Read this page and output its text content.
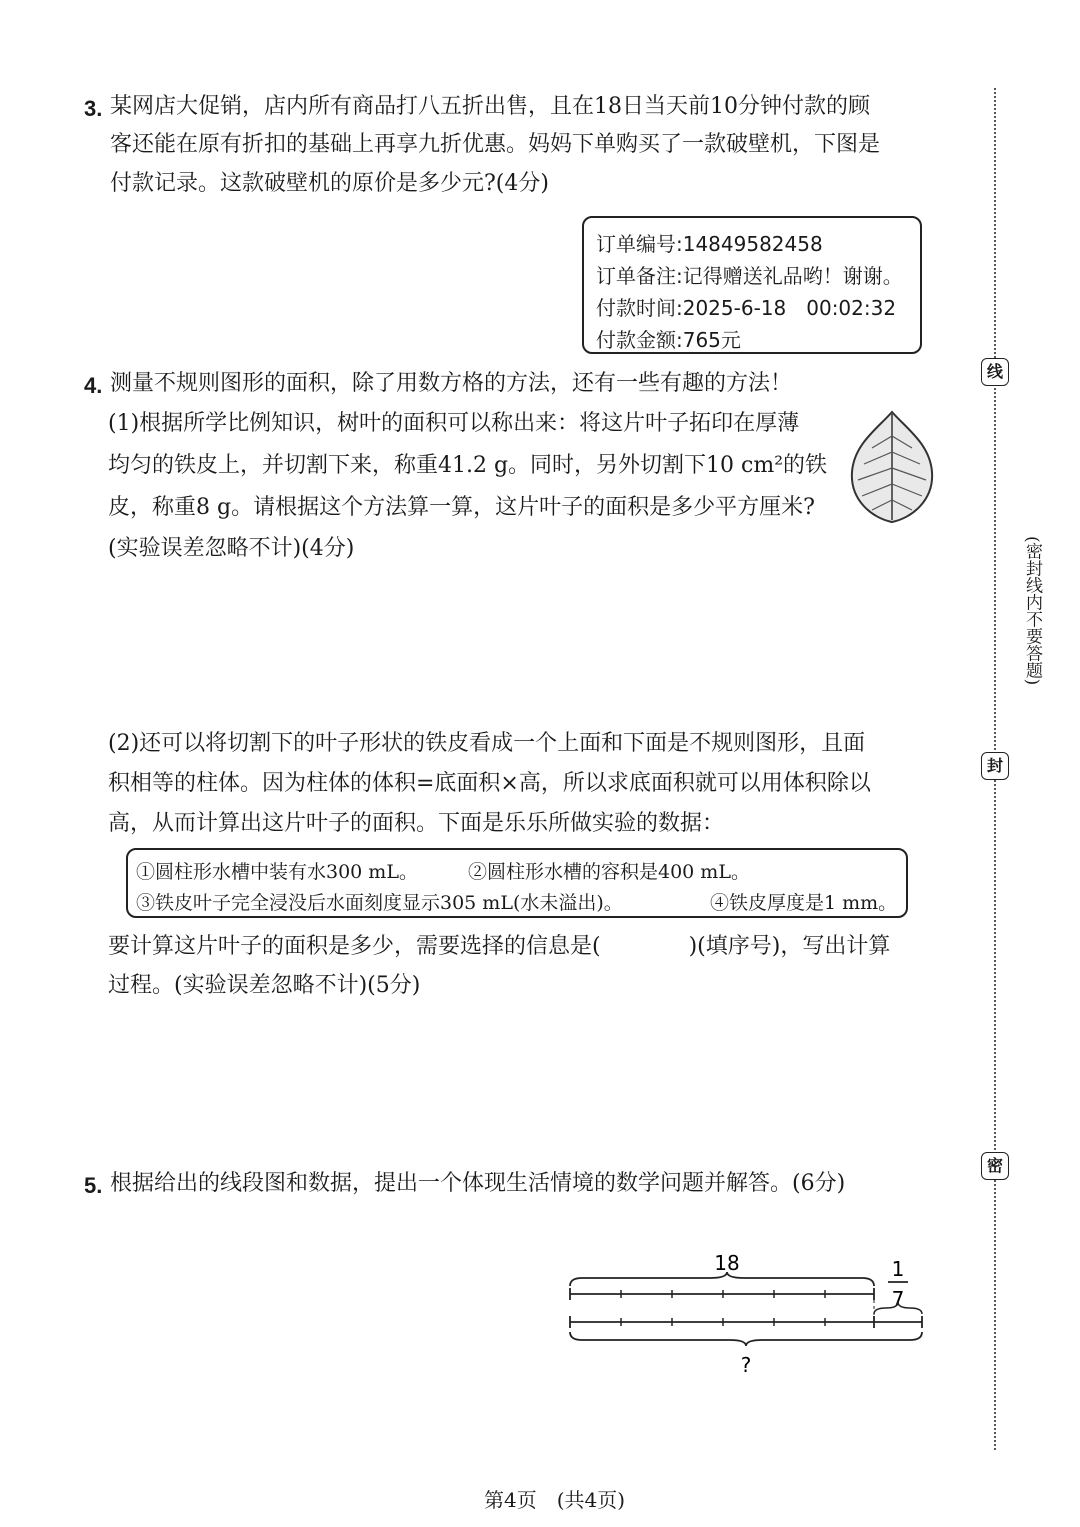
3. 某网店大促销，店内所有商品打八五折出售，且在18日当天前10分钟付款的顾
客还能在原有折扣的基础上再享九折优惠。妈妈下单购买了一款破壁机，下图是
付款记录。这款破壁机的原价是多少元?(4分)
订单编号:14849582458
订单备注:记得赠送礼品哟！谢谢。
付款时间:2025-6-18　00:02:32
付款金额:765元
4. 测量不规则图形的面积，除了用数方格的方法，还有一些有趣的方法！
(1)根据所学比例知识，树叶的面积可以称出来：将这片叶子拓印在厚薄
均匀的铁皮上，并切割下来，称重41.2 g。同时，另外切割下10 cm²的铁
皮，称重8 g。请根据这个方法算一算，这片叶子的面积是多少平方厘米?
(实验误差忽略不计)(4分)
(2)还可以将切割下的叶子形状的铁皮看成一个上面和下面是不规则图形，且面
积相等的柱体。因为柱体的体积=底面积×高，所以求底面积就可以用体积除以
高，从而计算出这片叶子的面积。下面是乐乐所做实验的数据：
①圆柱形水槽中装有水300 mL。	②圆柱形水槽的容积是400 mL。
③铁皮叶子完全浸没后水面刻度显示305 mL(水未溢出)。	④铁皮厚度是1 mm。
要计算这片叶子的面积是多少，需要选择的信息是(　　　　)(填序号)，写出计算
过程。(实验误差忽略不计)(5分)
5. 根据给出的线段图和数据，提出一个体现生活情境的数学问题并解答。(6分)
18	1
7
?
线
(密封线内不要答题)
封
密
第4页　(共4页)
